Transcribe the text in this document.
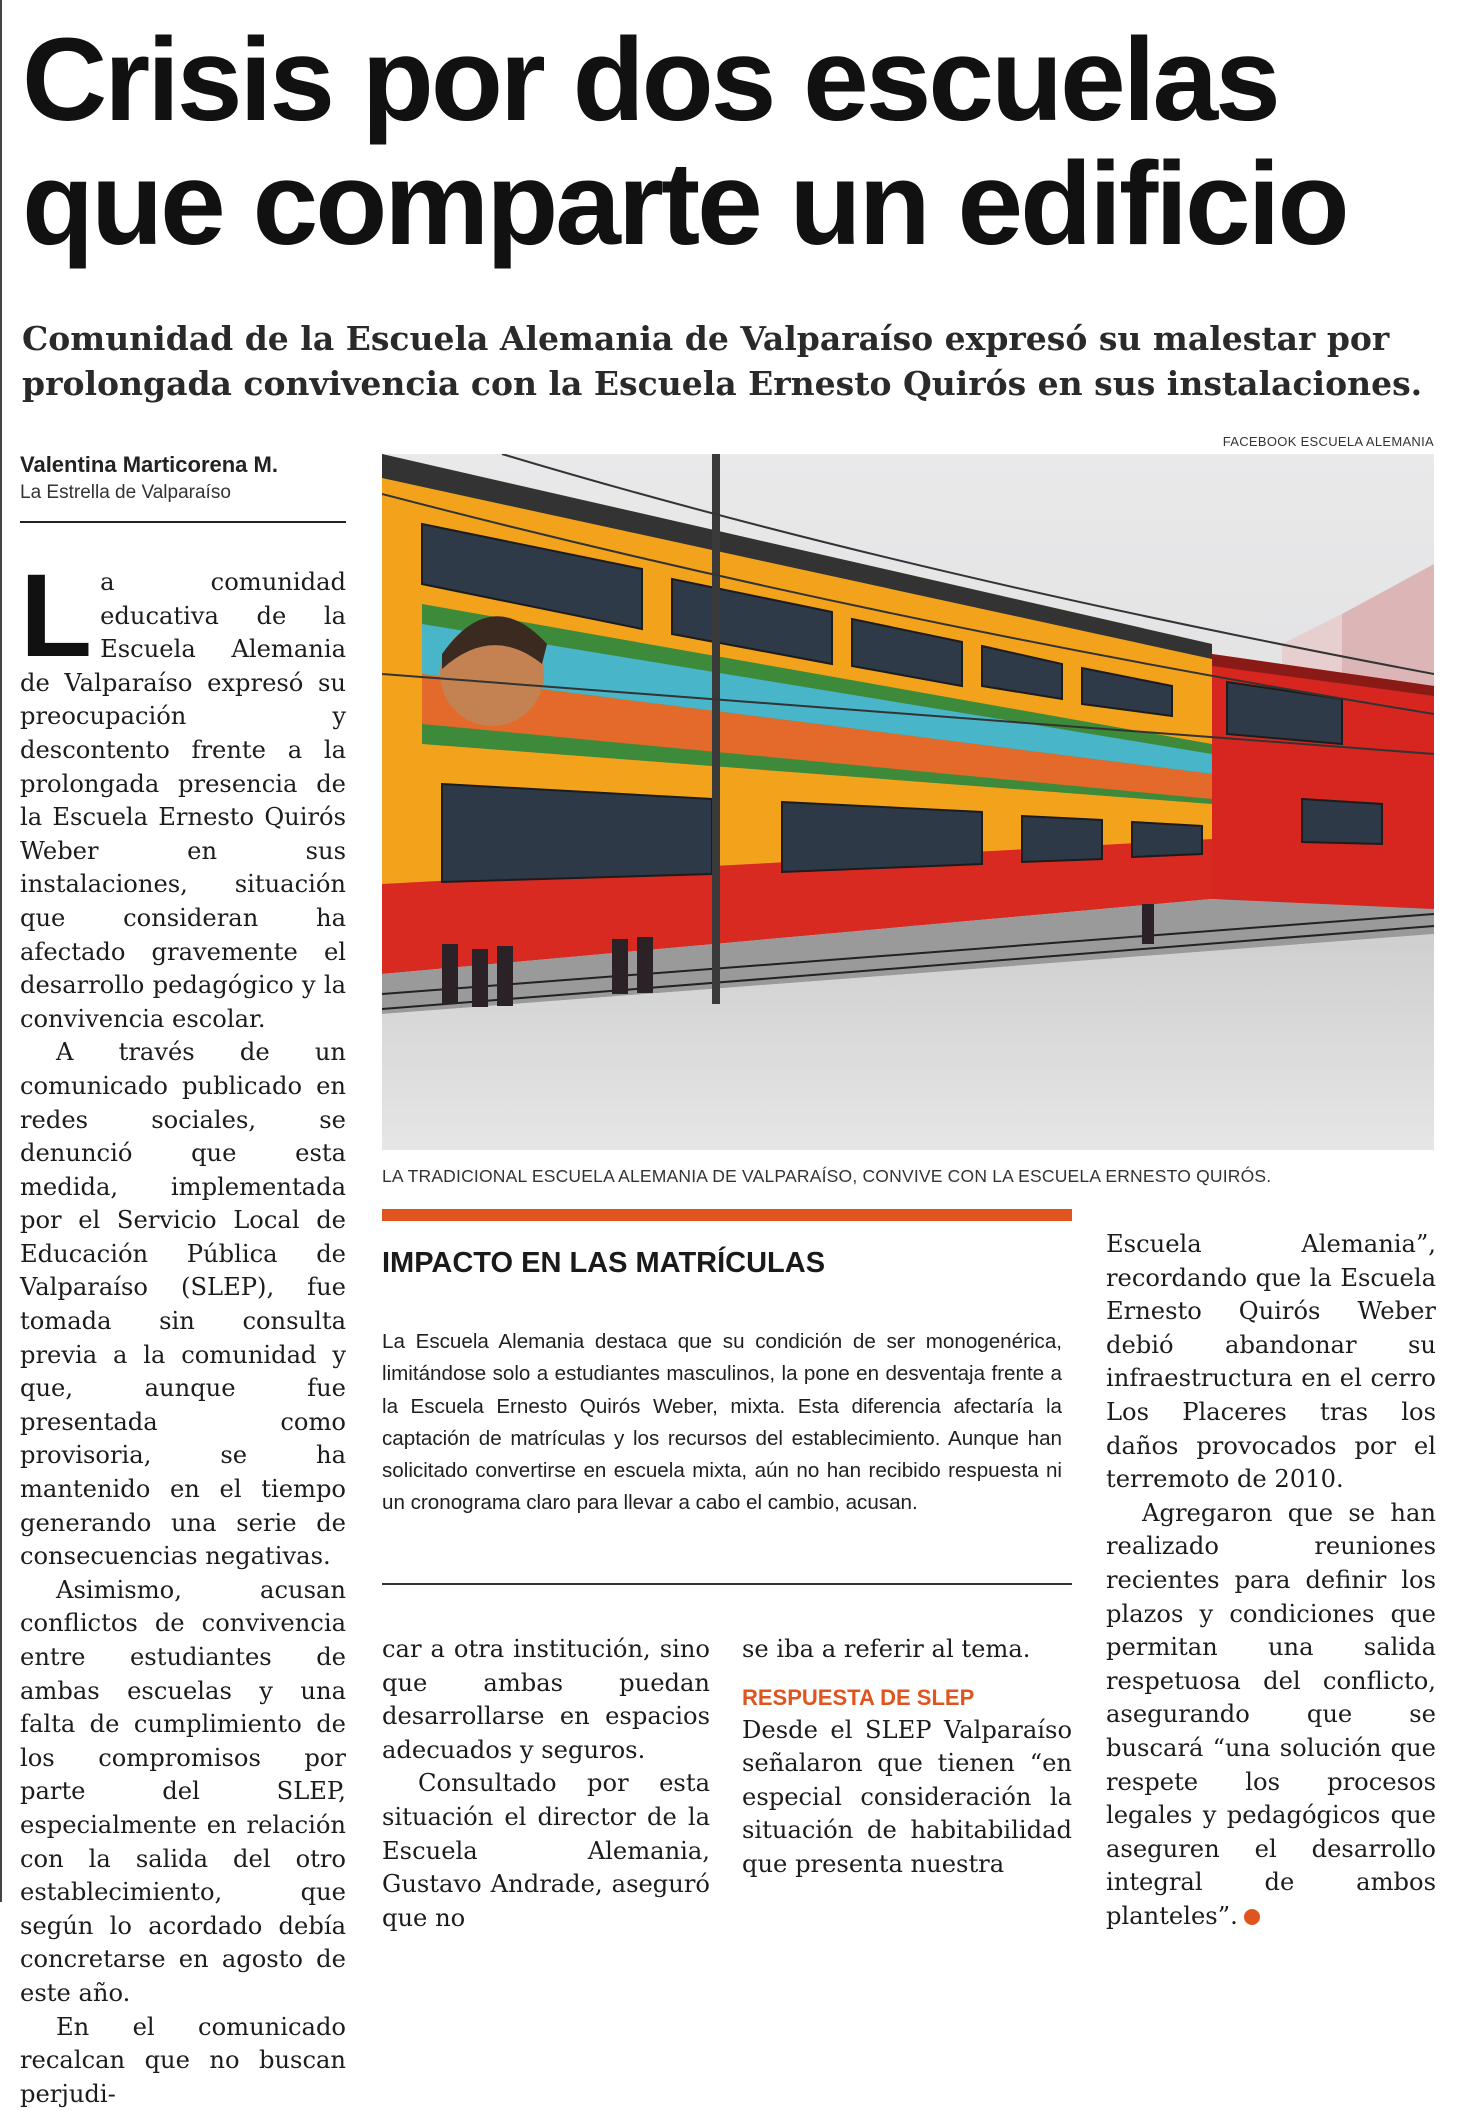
Crisis por dos escuelas
que comparte un edificio

Comunidad de la Escuela Alemania de Valparaíso expresó su malestar por prolongada convivencia con la Escuela Ernesto Quirós en sus instalaciones.

Valentina Marticorena M.
La Estrella de Valparaíso

La comunidad educativa de la Escuela Alemania de Valparaíso expresó su preocupación y descontento frente a la prolongada presencia de la Escuela Ernesto Quirós Weber en sus instalaciones, situación que consideran ha afectado gravemente el desarrollo pedagógico y la convivencia escolar.

A través de un comunicado publicado en redes sociales, se denunció que esta medida, implementada por el Servicio Local de Educación Pública de Valparaíso (SLEP), fue tomada sin consulta previa a la comunidad y que, aunque fue presentada como provisoria, se ha mantenido en el tiempo generando una serie de consecuencias negativas.

Asimismo, acusan conflictos de convivencia entre estudiantes de ambas escuelas y una falta de cumplimiento de los compromisos por parte del SLEP, especialmente en relación con la salida del otro establecimiento, que según lo acordado debía concretarse en agosto de este año.

En el comunicado recalcan que no buscan perjudi-

FACEBOOK ESCUELA ALEMANIA
LA TRADICIONAL ESCUELA ALEMANIA DE VALPARAÍSO, CONVIVE CON LA ESCUELA ERNESTO QUIRÓS.
IMPACTO EN LAS MATRÍCULAS

La Escuela Alemania destaca que su condición de ser monogenérica, limitándose solo a estudiantes masculinos, la pone en desventaja frente a la Escuela Ernesto Quirós Weber, mixta. Esta diferencia afectaría la captación de matrículas y los recursos del establecimiento. Aunque han solicitado convertirse en escuela mixta, aún no han recibido respuesta ni un cronograma claro para llevar a cabo el cambio, acusan.

car a otra institución, sino que ambas puedan desarrollarse en espacios adecuados y seguros.

Consultado por esta situación el director de la Escuela Alemania, Gustavo Andrade, aseguró que no

se iba a referir al tema.

RESPUESTA DE SLEP

Desde el SLEP Valparaíso señalaron que tienen “en especial consideración la situación de habitabilidad que presenta nuestra

Escuela Alemania”, recordando que la Escuela Ernesto Quirós Weber debió abandonar su infraestructura en el cerro Los Placeres tras los daños provocados por el terremoto de 2010.

Agregaron que se han realizado reuniones recientes para definir los plazos y condiciones que permitan una salida respetuosa del conflicto, asegurando que se buscará “una solución que respete los procesos legales y pedagógicos que aseguren el desarrollo integral de ambos planteles”.	✪
